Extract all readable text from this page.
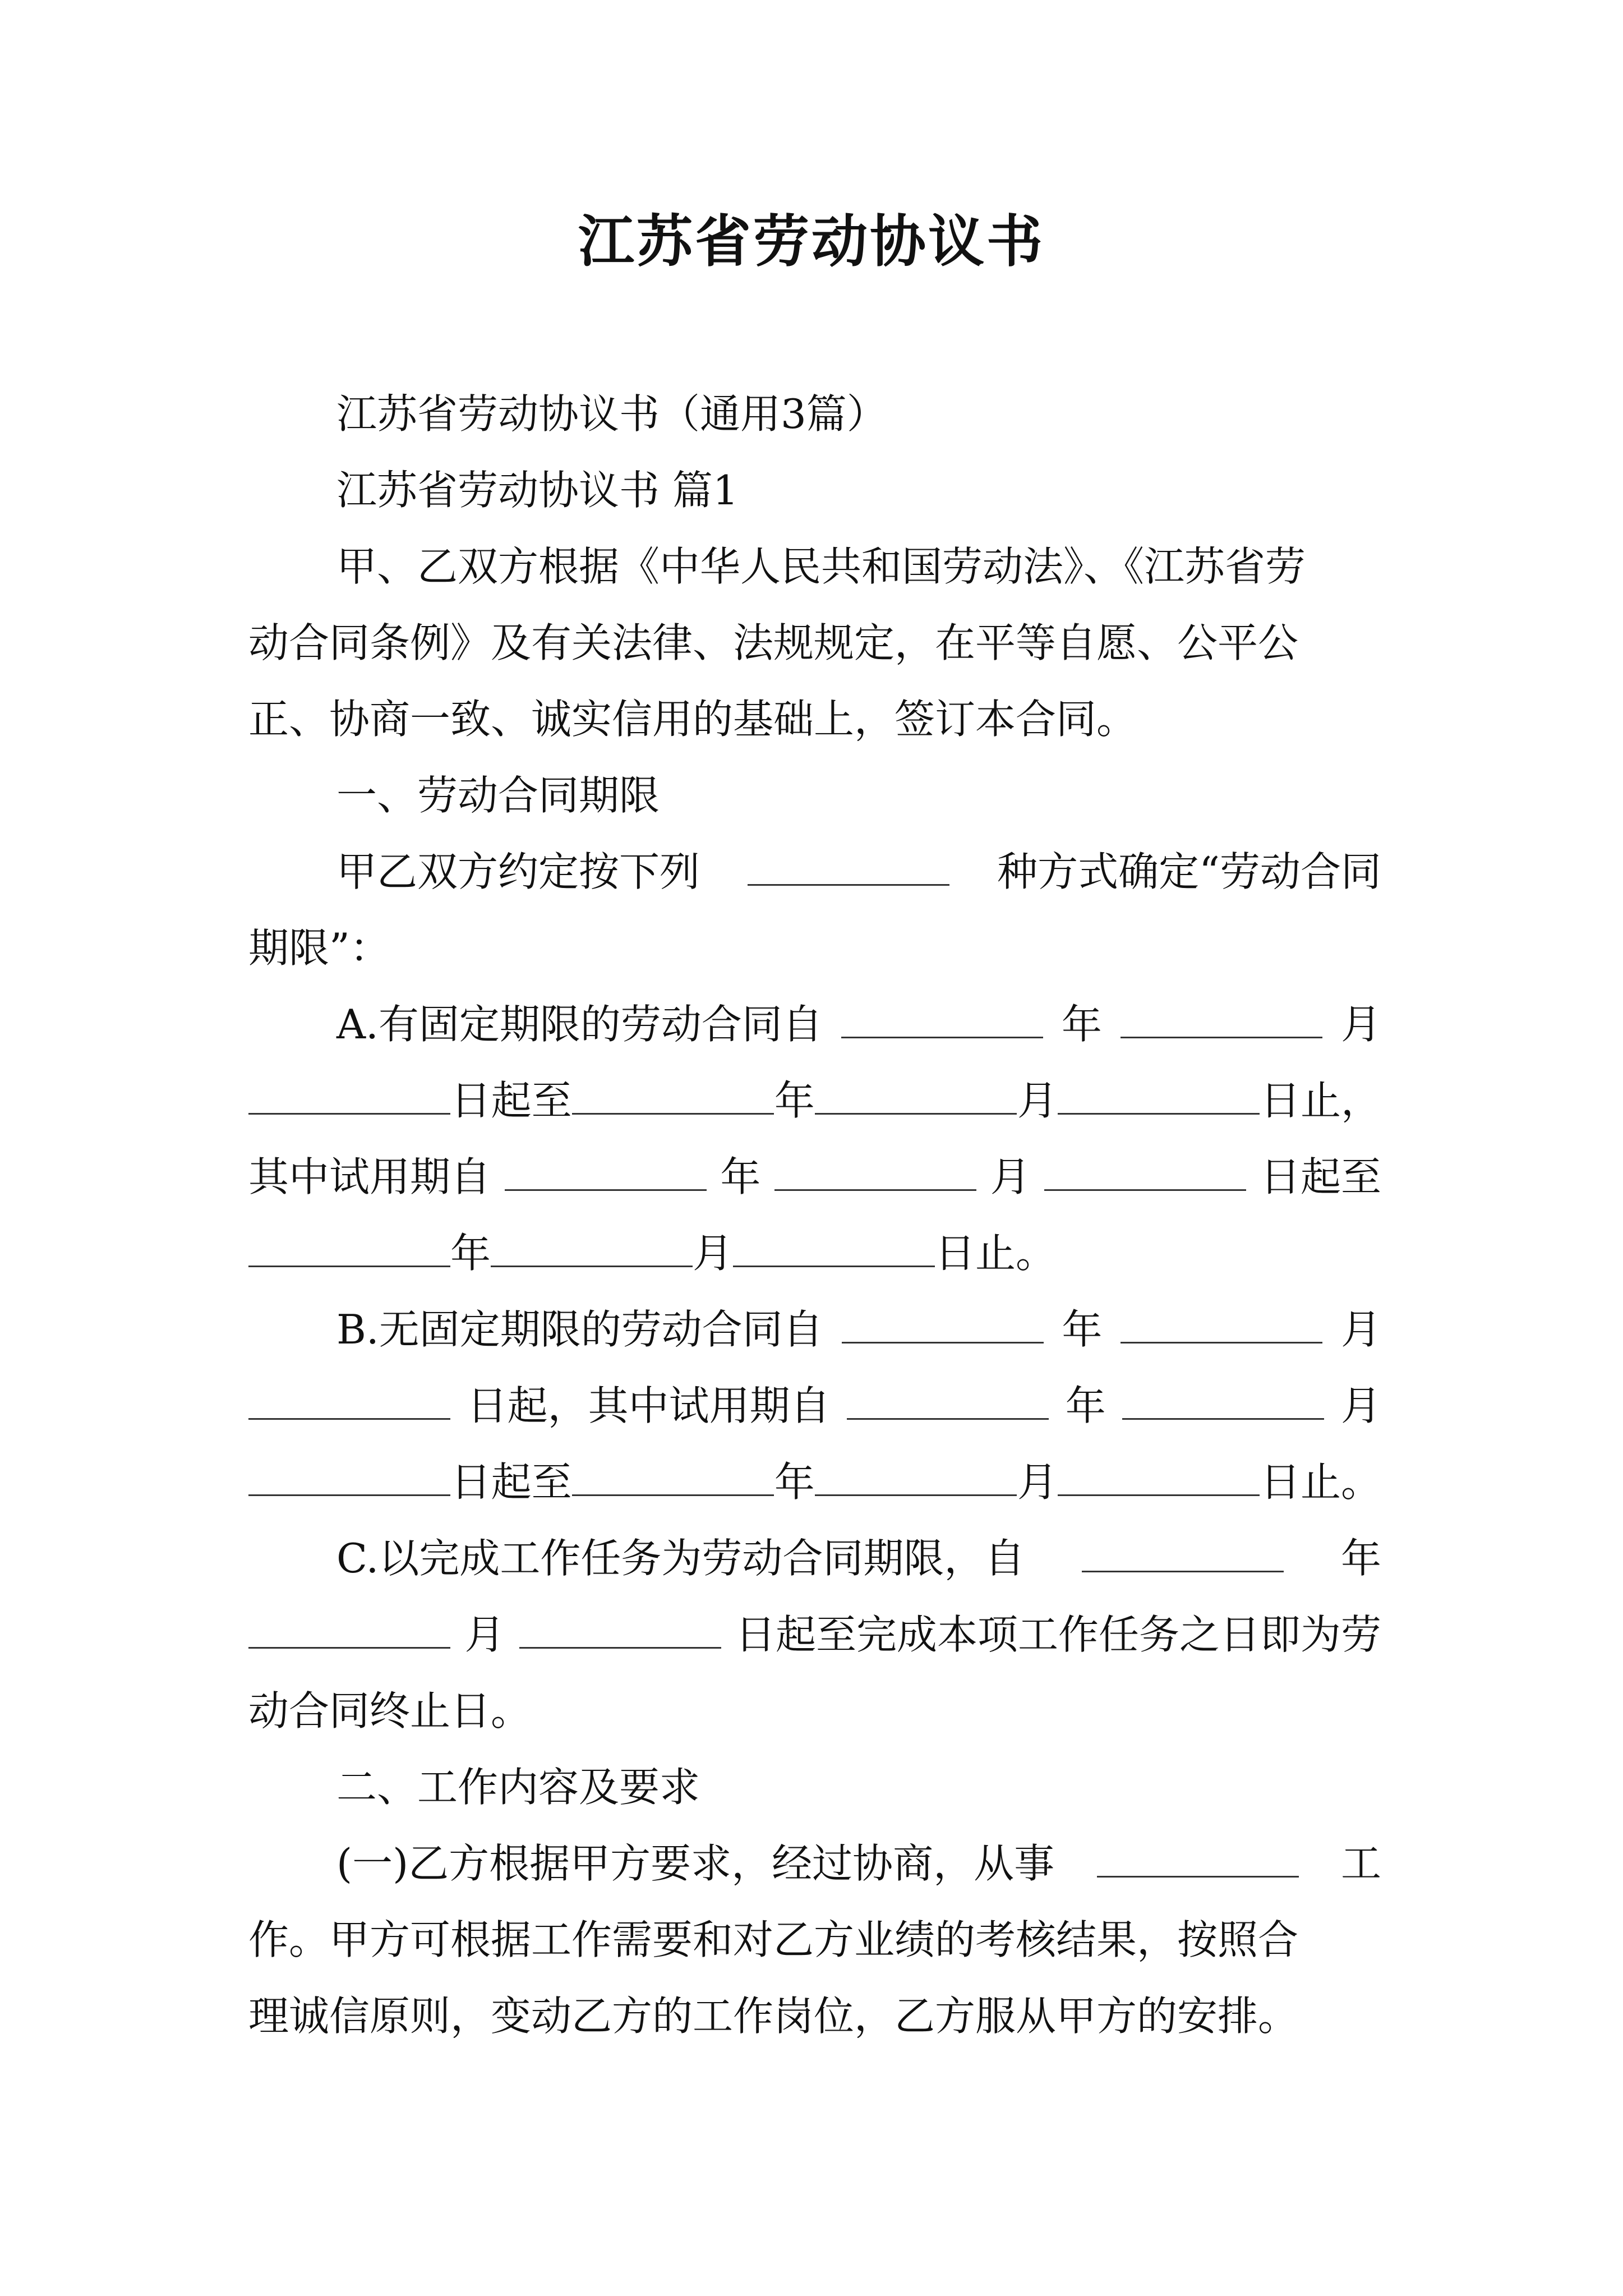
江苏省劳动协议书
江苏省劳动协议书（通用3篇）
江苏省劳动协议书 篇1
甲、乙双方根据《中华人民共和国劳动法》、《江苏省劳
动合同条例》及有关法律、法规规定，在平等自愿、公平公
正、协商一致、诚实信用的基础上，签订本合同。
一、劳动合同期限
甲乙双方约定按下列	种方式确定“劳动合同
期限”：
A.有固定期限的劳动合同自	年	月
日起至	年	月	日止，
其中试用期自	年	月	日起至
年	月	日止。
B.无固定期限的劳动合同自	年	月
日起，其中试用期自	年	月
日起至	年	月	日止。
C.以完成工作任务为劳动合同期限，自	年
月	日起至完成本项工作任务之日即为劳
动合同终止日。
二、工作内容及要求
(一)乙方根据甲方要求，经过协商，从事	工
作。甲方可根据工作需要和对乙方业绩的考核结果，按照合
理诚信原则，变动乙方的工作岗位，乙方服从甲方的安排。
